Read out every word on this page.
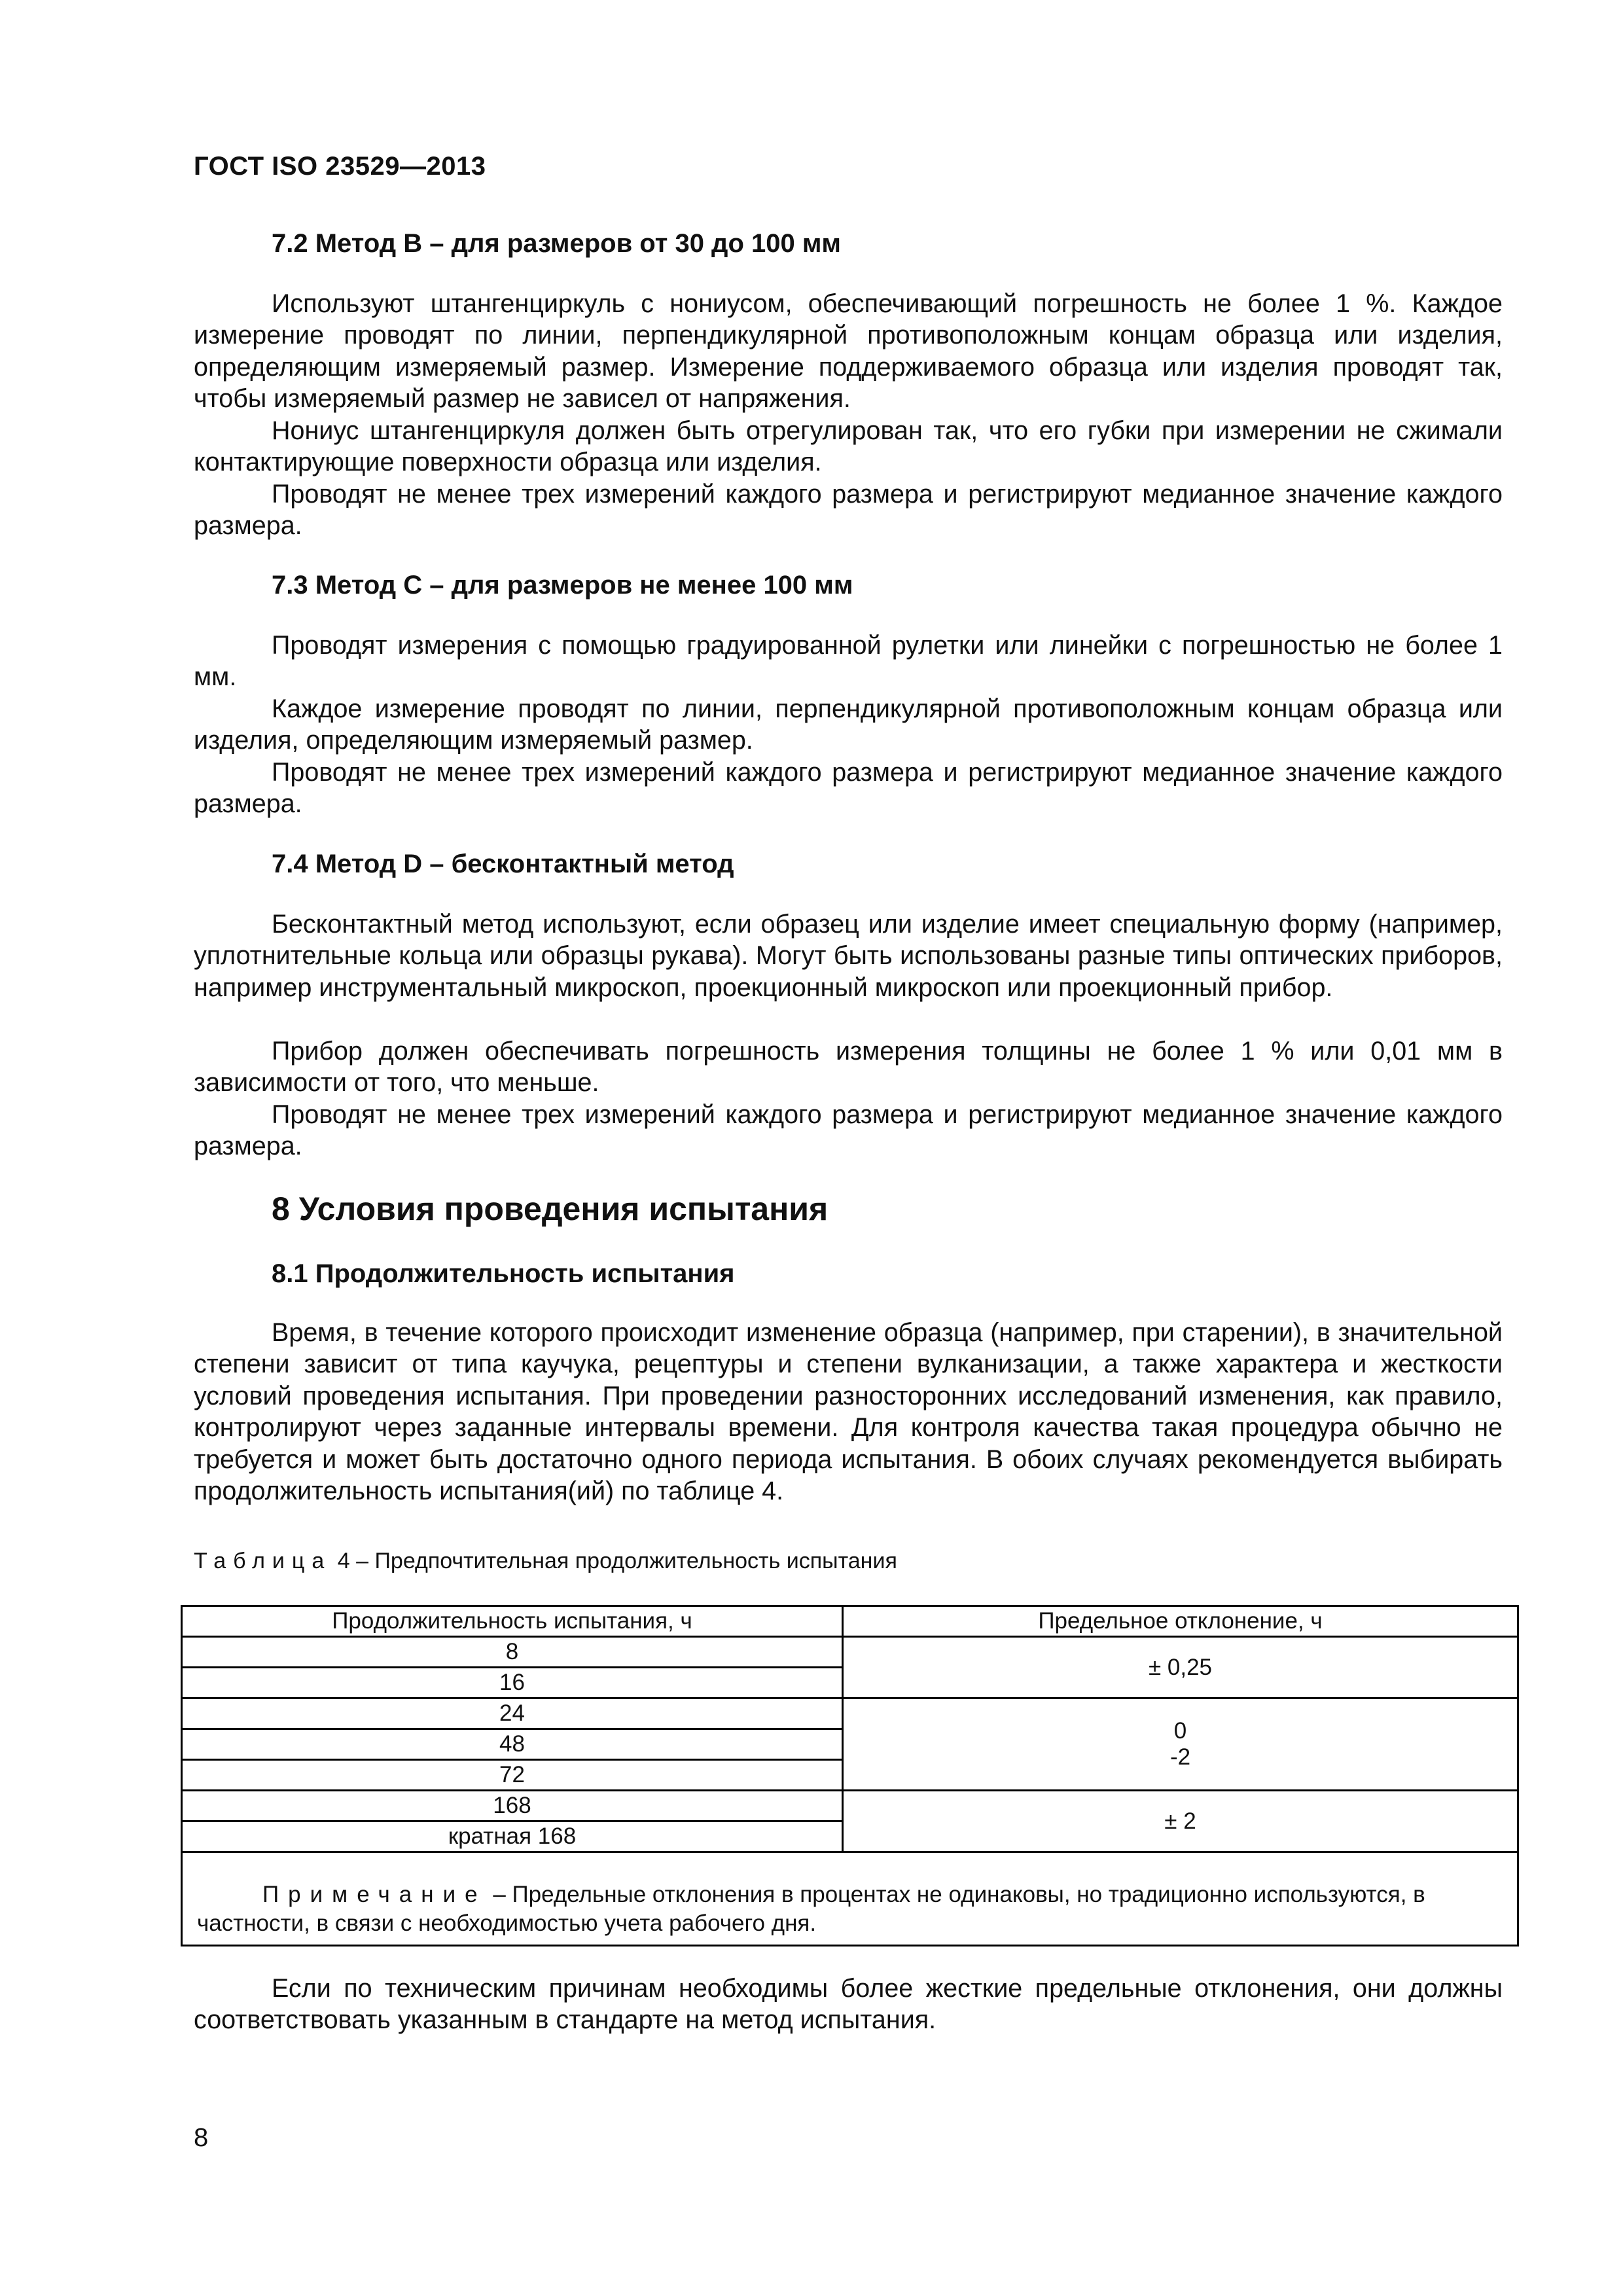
ГОСТ ISO 23529—2013
7.2 Метод В – для размеров от 30 до 100 мм

Используют штангенциркуль с нониусом, обеспечивающий погрешность не более 1 %. Каждое измерение проводят по линии, перпендикулярной противоположным концам образца или изделия, определяющим измеряемый размер. Измерение поддерживаемого образца или изделия проводят так, чтобы измеряемый размер не зависел от напряжения.

Нониус штангенциркуля должен быть отрегулирован так, что его губки при измерении не сжимали контактирующие поверхности образца или изделия.

Проводят не менее трех измерений каждого размера и регистрируют медианное значение каждого размера.

7.3 Метод С – для размеров не менее 100 мм

Проводят измерения с помощью градуированной рулетки или линейки с погрешностью не более 1 мм.

Каждое измерение проводят по линии, перпендикулярной противоположным концам образца или изделия, определяющим измеряемый размер.

Проводят не менее трех измерений каждого размера и регистрируют медианное значение каждого размера.

7.4 Метод D – бесконтактный метод

Бесконтактный метод используют, если образец или изделие имеет специальную форму (например, уплотнительные кольца или образцы рукава). Могут быть использованы разные типы оптических приборов, например инструментальный микроскоп, проекционный микроскоп или проекционный прибор.

Прибор должен обеспечивать погрешность измерения толщины не более 1 % или 0,01 мм в зависимости от того, что меньше.

Проводят не менее трех измерений каждого размера и регистрируют медианное значение каждого размера.

8 Условия проведения испытания
8.1 Продолжительность испытания

Время, в течение которого происходит изменение образца (например, при старении), в значительной степени зависит от типа каучука, рецептуры и степени вулканизации, а также характера и жесткости условий проведения испытания. При проведении разносторонних исследований изменения, как правило, контролируют через заданные интервалы времени. Для контроля качества такая процедура обычно не требуется и может быть достаточно одного периода испытания. В обоих случаях рекомендуется выбирать продолжительность испытания(ий) по таблице 4.

Таблица 4 – Предпочтительная продолжительность испытания
Продолжительность испытания, ч	Предельное отклонение, ч
8	± 0,25
16	
24	0
-2

48	
72	
168	± 2
кратная 168	
Примечание – Предельные отклонения в процентах не одинаковы, но традиционно используются, в частности, в связи с необходимостью учета рабочего дня.	

Если по техническим причинам необходимы более жесткие предельные отклонения, они должны соответствовать указанным в стандарте на метод испытания.

8
